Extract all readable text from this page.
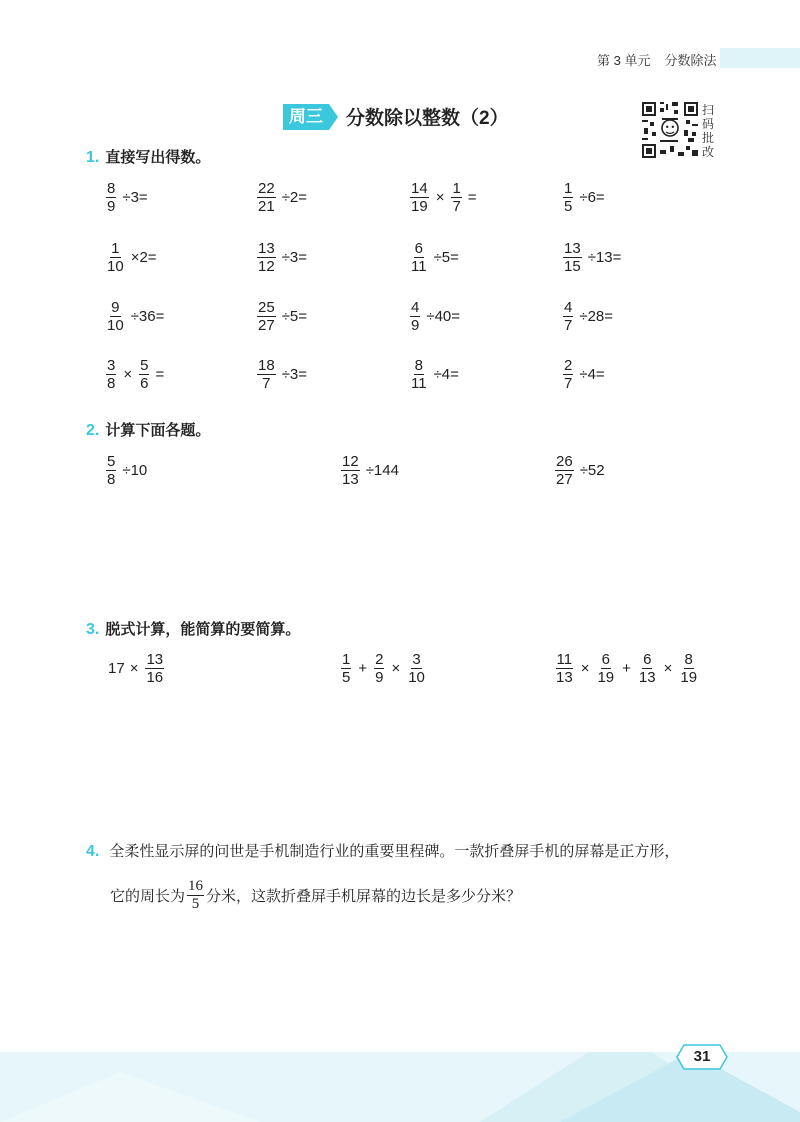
第 3 单元 分数除法
周三	分数除以整数（2）	扫码批改
1. 直接写出得数。
$\frac{8}{9} \div 3=$	$\frac{22}{21} \div 2=$	$\frac{14}{19} \times \frac{1}{7}$ =	$\frac{1}{5} \div 6=$
$\frac{1}{10} \times 2=$	$\frac{13}{12} \div 3=$	$\frac{6}{11} \div 5=$	$\frac{13}{15} \div 13=$
$\frac{9}{10} \div 36=$	$\frac{25}{27} \div 5=$	$\frac{4}{9} \div 40=$	$\frac{4}{7} \div 28=$
$\frac{3}{8} \times \frac{5}{6}$ =	$\frac{18}{7} \div 3=$	$\frac{8}{11} \div 4=$	$\frac{2}{7} \div 4=$
2. 计算下面各题。
$\frac{5}{8} \div 10$	$\frac{12}{13} \div 144$	$\frac{26}{27} \div 52$
3. 脱式计算，能简算的要简算。
$17 \times \frac{13}{16}$	$\frac{1}{5} + \frac{2}{9} \times \frac{3}{10}$	$\frac{11}{13} \times \frac{6}{19} + \frac{6}{13} \times \frac{8}{19}$
4. 全柔性显示屏的问世是手机制造行业的重要里程碑。一款折叠屏手机的屏幕是正方形，
它的周长为 $\frac{16}{5}$ 分米，这款折叠屏手机屏幕的边长是多少分米？
31
